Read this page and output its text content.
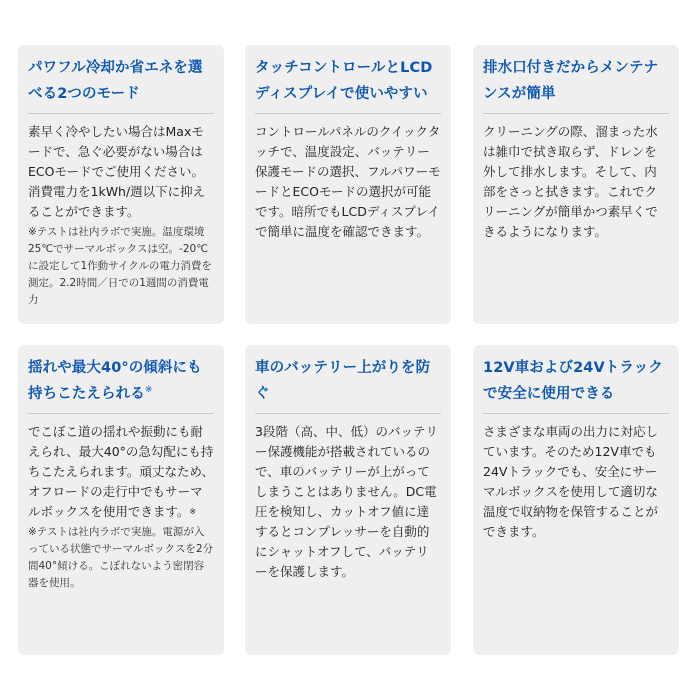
パワフル冷却か省エネを選べる2つのモード

素早く冷やしたい場合はMaxモードで、急ぐ必要がない場合はECOモードでご使用ください。消費電力を1kWh/週以下に抑えることができます。

※テストは社内ラボで実施。温度環境25℃でサーマルボックスは空。-20℃に設定して1作動サイクルの電力消費を測定。2.2時間／日での1週間の消費電力

タッチコントロールとLCDディスプレイで使いやすい

コントロールパネルのクイックタッチで、温度設定、バッテリー保護モードの選択、フルパワーモードとECOモードの選択が可能です。暗所でもLCDディスプレイで簡単に温度を確認できます。

排水口付きだからメンテナンスが簡単

クリーニングの際、溜まった水は雑巾で拭き取らず、ドレンを外して排水します。そして、内部をさっと拭きます。これでクリーニングが簡単かつ素早くできるようになります。

揺れや最大40°の傾斜にも持ちこたえられる※

でこぼこ道の揺れや振動にも耐えられ、最大40°の急勾配にも持ちこたえられます。頑丈なため、オフロードの走行中でもサーマルボックスを使用できます。※

※テストは社内ラボで実施。電源が入っている状態でサーマルボックスを2分間40°傾ける。こぼれないよう密閉容器を使用。

車のバッテリー上がりを防ぐ

3段階（高、中、低）のバッテリー保護機能が搭載されているので、車のバッテリーが上がってしまうことはありません。DC電圧を検知し、カットオフ値に達するとコンプレッサーを自動的にシャットオフして、バッテリーを保護します。

12V車および24Vトラックで安全に使用できる

さまざまな車両の出力に対応しています。そのため12V車でも24Vトラックでも、安全にサーマルボックスを使用して適切な温度で収納物を保管することができます。
